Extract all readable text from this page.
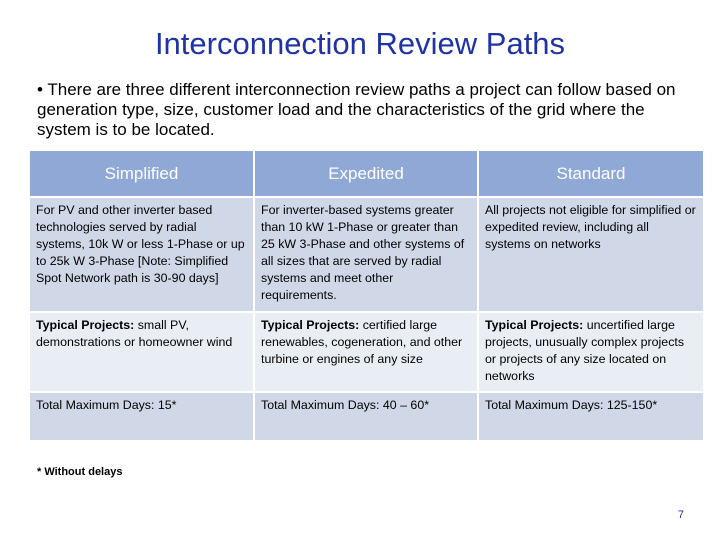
Interconnection Review Paths
• There are three different interconnection review paths a project can follow based on generation type, size, customer load and the characteristics of the grid where the system is to be located.
Simplified	Expedited	Standard
For PV and other inverter based technologies served by radial systems, 10k W or less 1-Phase or up to 25k W 3-Phase [Note: Simplified Spot Network path is 30-90 days]	For inverter-based systems greater than 10 kW 1-Phase or greater than 25 kW 3-Phase and other systems of all sizes that are served by radial systems and meet other requirements.	All projects not eligible for simplified or expedited review, including all systems on networks
Typical Projects: small PV, demonstrations or homeowner wind	Typical Projects: certified large renewables, cogeneration, and other turbine or engines of any size	Typical Projects: uncertified large projects, unusually complex projects or projects of any size located on networks
Total Maximum Days: 15*	Total Maximum Days: 40 – 60*	Total Maximum Days: 125-150*
* Without delays
7
